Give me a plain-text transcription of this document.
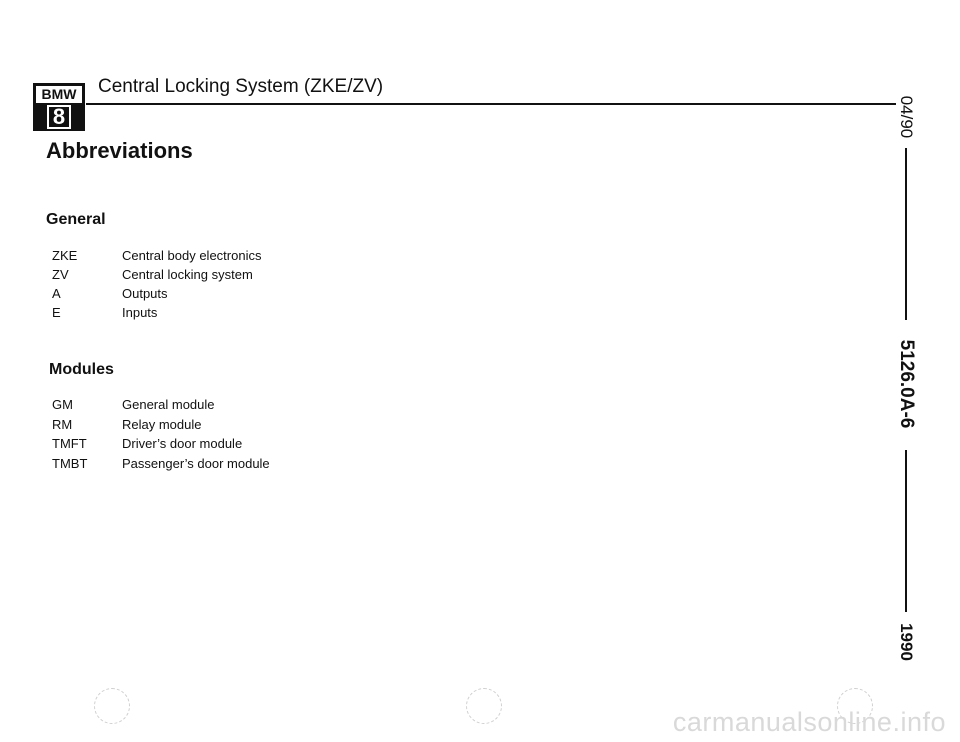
BMW
8
Central Locking System (ZKE/ZV)
Abbreviations
General
ZKE	Central body electronics
ZV	Central locking system
A	Outputs
E	Inputs
Modules
GM	General module
RM	Relay module
TMFT	Driver’s door module
TMBT	Passenger’s door module
04/90
5126.0A-6
1990
carmanualsonline.info
